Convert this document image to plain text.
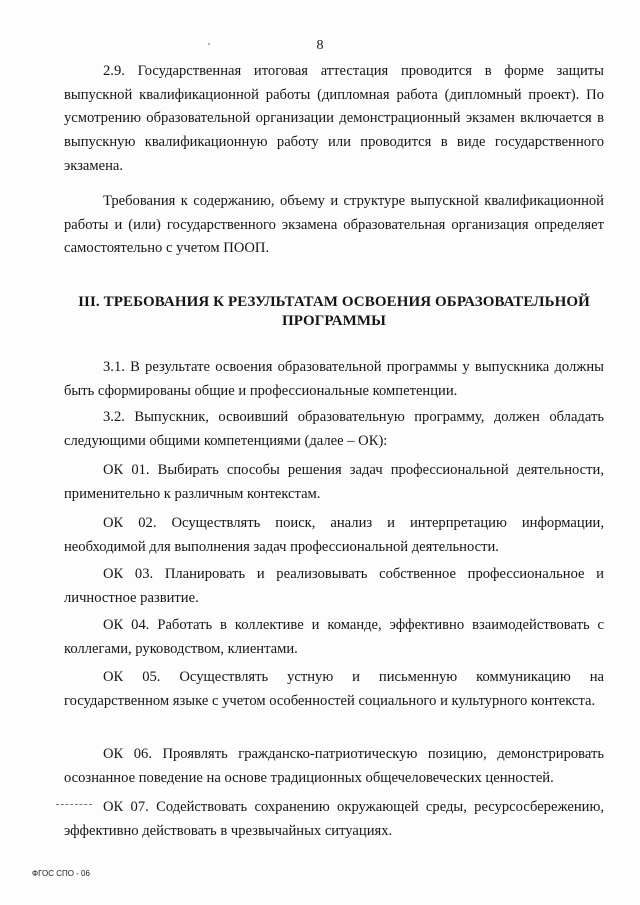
8

2.9. Государственная итоговая аттестация проводится в форме защиты выпускной квалификационной работы (дипломная работа (дипломный проект). По усмотрению образовательной организации демонстрационный экзамен включается в выпускную квалификационную работу или проводится в виде государственного экзамена.

Требования к содержанию, объему и структуре выпускной квалификационной работы и (или) государственного экзамена образовательная организация определяет самостоятельно с учетом ПООП.

III. ТРЕБОВАНИЯ К РЕЗУЛЬТАТАМ ОСВОЕНИЯ ОБРАЗОВАТЕЛЬНОЙ ПРОГРАММЫ

3.1. В результате освоения образовательной программы у выпускника должны быть сформированы общие и профессиональные компетенции.

3.2. Выпускник, освоивший образовательную программу, должен обладать следующими общими компетенциями (далее – ОК):

ОК 01. Выбирать способы решения задач профессиональной деятельности, применительно к различным контекстам.

ОК 02. Осуществлять поиск, анализ и интерпретацию информации, необходимой для выполнения задач профессиональной деятельности.

ОК 03. Планировать и реализовывать собственное профессиональное и личностное развитие.

ОК 04. Работать в коллективе и команде, эффективно взаимодействовать с коллегами, руководством, клиентами.

ОК 05. Осуществлять устную и письменную коммуникацию на государственном языке с учетом особенностей социального и культурного контекста.

ОК 06. Проявлять гражданско-патриотическую позицию, демонстрировать осознанное поведение на основе традиционных общечеловеческих ценностей.

ОК 07. Содействовать сохранению окружающей среды, ресурсосбережению, эффективно действовать в чрезвычайных ситуациях.

ФГОС СПО - 06
